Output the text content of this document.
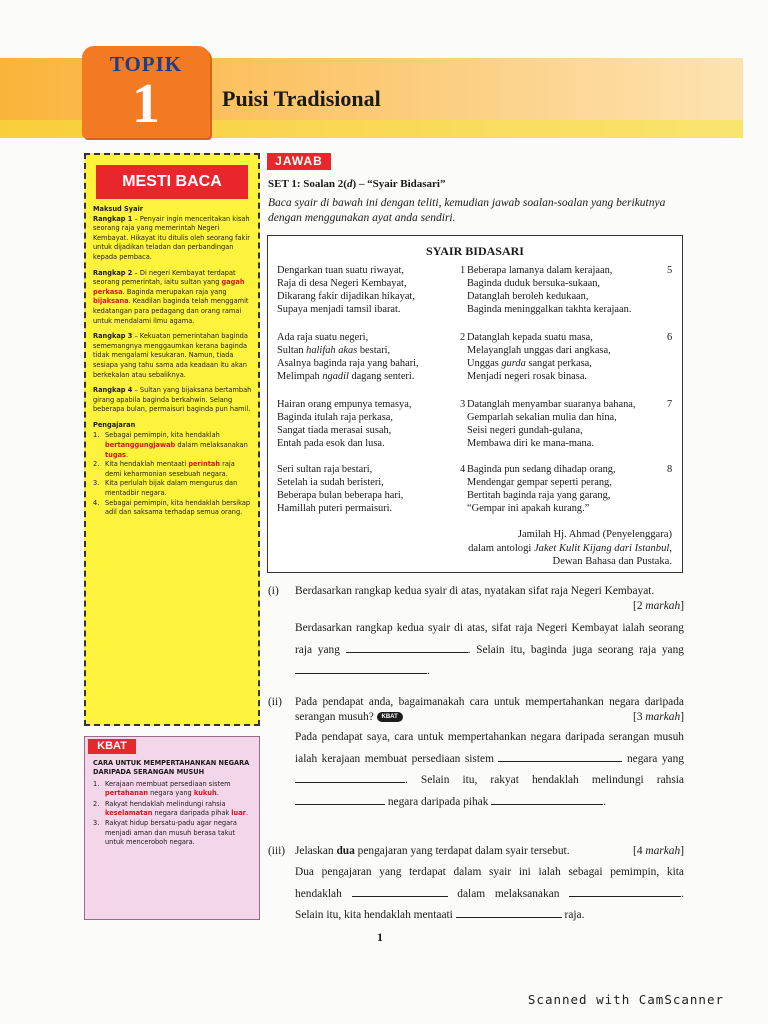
TOPIK
1	Puisi Tradisional
MESTI BACA

Maksud Syair

Rangkap 1 – Penyair ingin menceritakan kisah seorang raja yang memerintah Negeri Kembayat. Hikayat itu ditulis oleh seorang fakir untuk dijadikan teladan dan perbandingan kepada pembaca.

Rangkap 2 – Di negeri Kembayat terdapat seorang pemerintah, iaitu sultan yang gagah perkasa. Baginda merupakan raja yang bijaksana. Keadilan baginda telah menggamit kedatangan para pedagang dan orang ramai untuk mendalami ilmu agama.

Rangkap 3 – Kekuatan pemerintahan baginda sememangnya menggaumkan kerana baginda tidak mengalami kesukaran. Namun, tiada sesiapa yang tahu sama ada keadaan itu akan berkekalan atau sebaliknya.

Rangkap 4 – Sultan yang bijaksana bertambah girang apabila baginda berkahwin. Selang beberapa bulan, permaisuri baginda pun hamil.

Pengajaran

1. Sebagai pemimpin, kita hendaklah bertanggungjawab dalam melaksanakan tugas.
2. Kita hendaklah mentaati perintah raja demi keharmonian sesebuah negara.
3. Kita perlulah bijak dalam mengurus dan mentadbir negara.
4. Sebagai pemimpin, kita hendaklah bersikap adil dan saksama terhadap semua orang.
KBAT
CARA UNTUK MEMPERTAHANKAN NEGARA DARIPADA SERANGAN MUSUH
1. Kerajaan membuat persediaan sistem pertahanan negara yang kukuh.
2. Rakyat hendaklah melindungi rahsia keselamatan negara daripada pihak luar.
3. Rakyat hidup bersatu-padu agar negara menjadi aman dan musuh berasa takut untuk menceroboh negara.
JAWAB
SET 1: Soalan 2(d) – “Syair Bidasari”
Baca syair di bawah ini dengan teliti, kemudian jawab soalan-soalan yang berikutnya dengan menggunakan ayat anda sendiri.
SYAIR BIDASARI
Dengarkan tuan suatu riwayat,
Raja di desa Negeri Kembayat,
Dikarang fakir dijadikan hikayat,
Supaya menjadi tamsil ibarat.
1
Ada raja suatu negeri,
Sultan halifah akas bestari,
Asalnya baginda raja yang bahari,
Melimpah ngadil dagang senteri.
2
Hairan orang empunya temasya,
Baginda itulah raja perkasa,
Sangat tiada merasai susah,
Entah pada esok dan lusa.
3
Seri sultan raja bestari,
Setelah ia sudah beristeri,
Beberapa bulan beberapa hari,
Hamillah puteri permaisuri.
4
Beberapa lamanya dalam kerajaan,
Baginda duduk bersuka-sukaan,
Datanglah beroleh kedukaan,
Baginda meninggalkan takhta kerajaan.
5
Datanglah kepada suatu masa,
Melayanglah unggas dari angkasa,
Unggas gurda sangat perkasa,
Menjadi negeri rosak binasa.
6
Datanglah menyambar suaranya bahana,
Gemparlah sekalian mulia dan hina,
Seisi negeri gundah-gulana,
Membawa diri ke mana-mana.
7
Baginda pun sedang dihadap orang,
Mendengar gempar seperti perang,
Bertitah baginda raja yang garang,
“Gempar ini apakah kurang.”
8
Jamilah Hj. Ahmad (Penyelenggara)
dalam antologi Jaket Kulit Kijang dari Istanbul,
Dewan Bahasa dan Pustaka.
(i) Berdasarkan rangkap kedua syair di atas, nyatakan sifat raja Negeri Kembayat.
[2 markah]
Berdasarkan rangkap kedua syair di atas, sifat raja Negeri Kembayat ialah seorang raja yang	. Selain itu, baginda juga seorang raja yang .
(ii) Pada pendapat anda, bagaimanakah cara untuk mempertahankan negara daripada serangan musuh? KBAT	[3 markah]
Pada pendapat saya, cara untuk mempertahankan negara daripada serangan musuh ialah kerajaan membuat persediaan sistem	negara yang . Selain itu, rakyat hendaklah melindungi rahsia  negara daripada pihak	.
(iii) Jelaskan dua pengajaran yang terdapat dalam syair tersebut.	[4 markah]
Dua pengajaran yang terdapat dalam syair ini ialah sebagai pemimpin, kita hendaklah	dalam melaksanakan	. Selain itu, kita hendaklah mentaati	raja.
1
Scanned with CamScanner
